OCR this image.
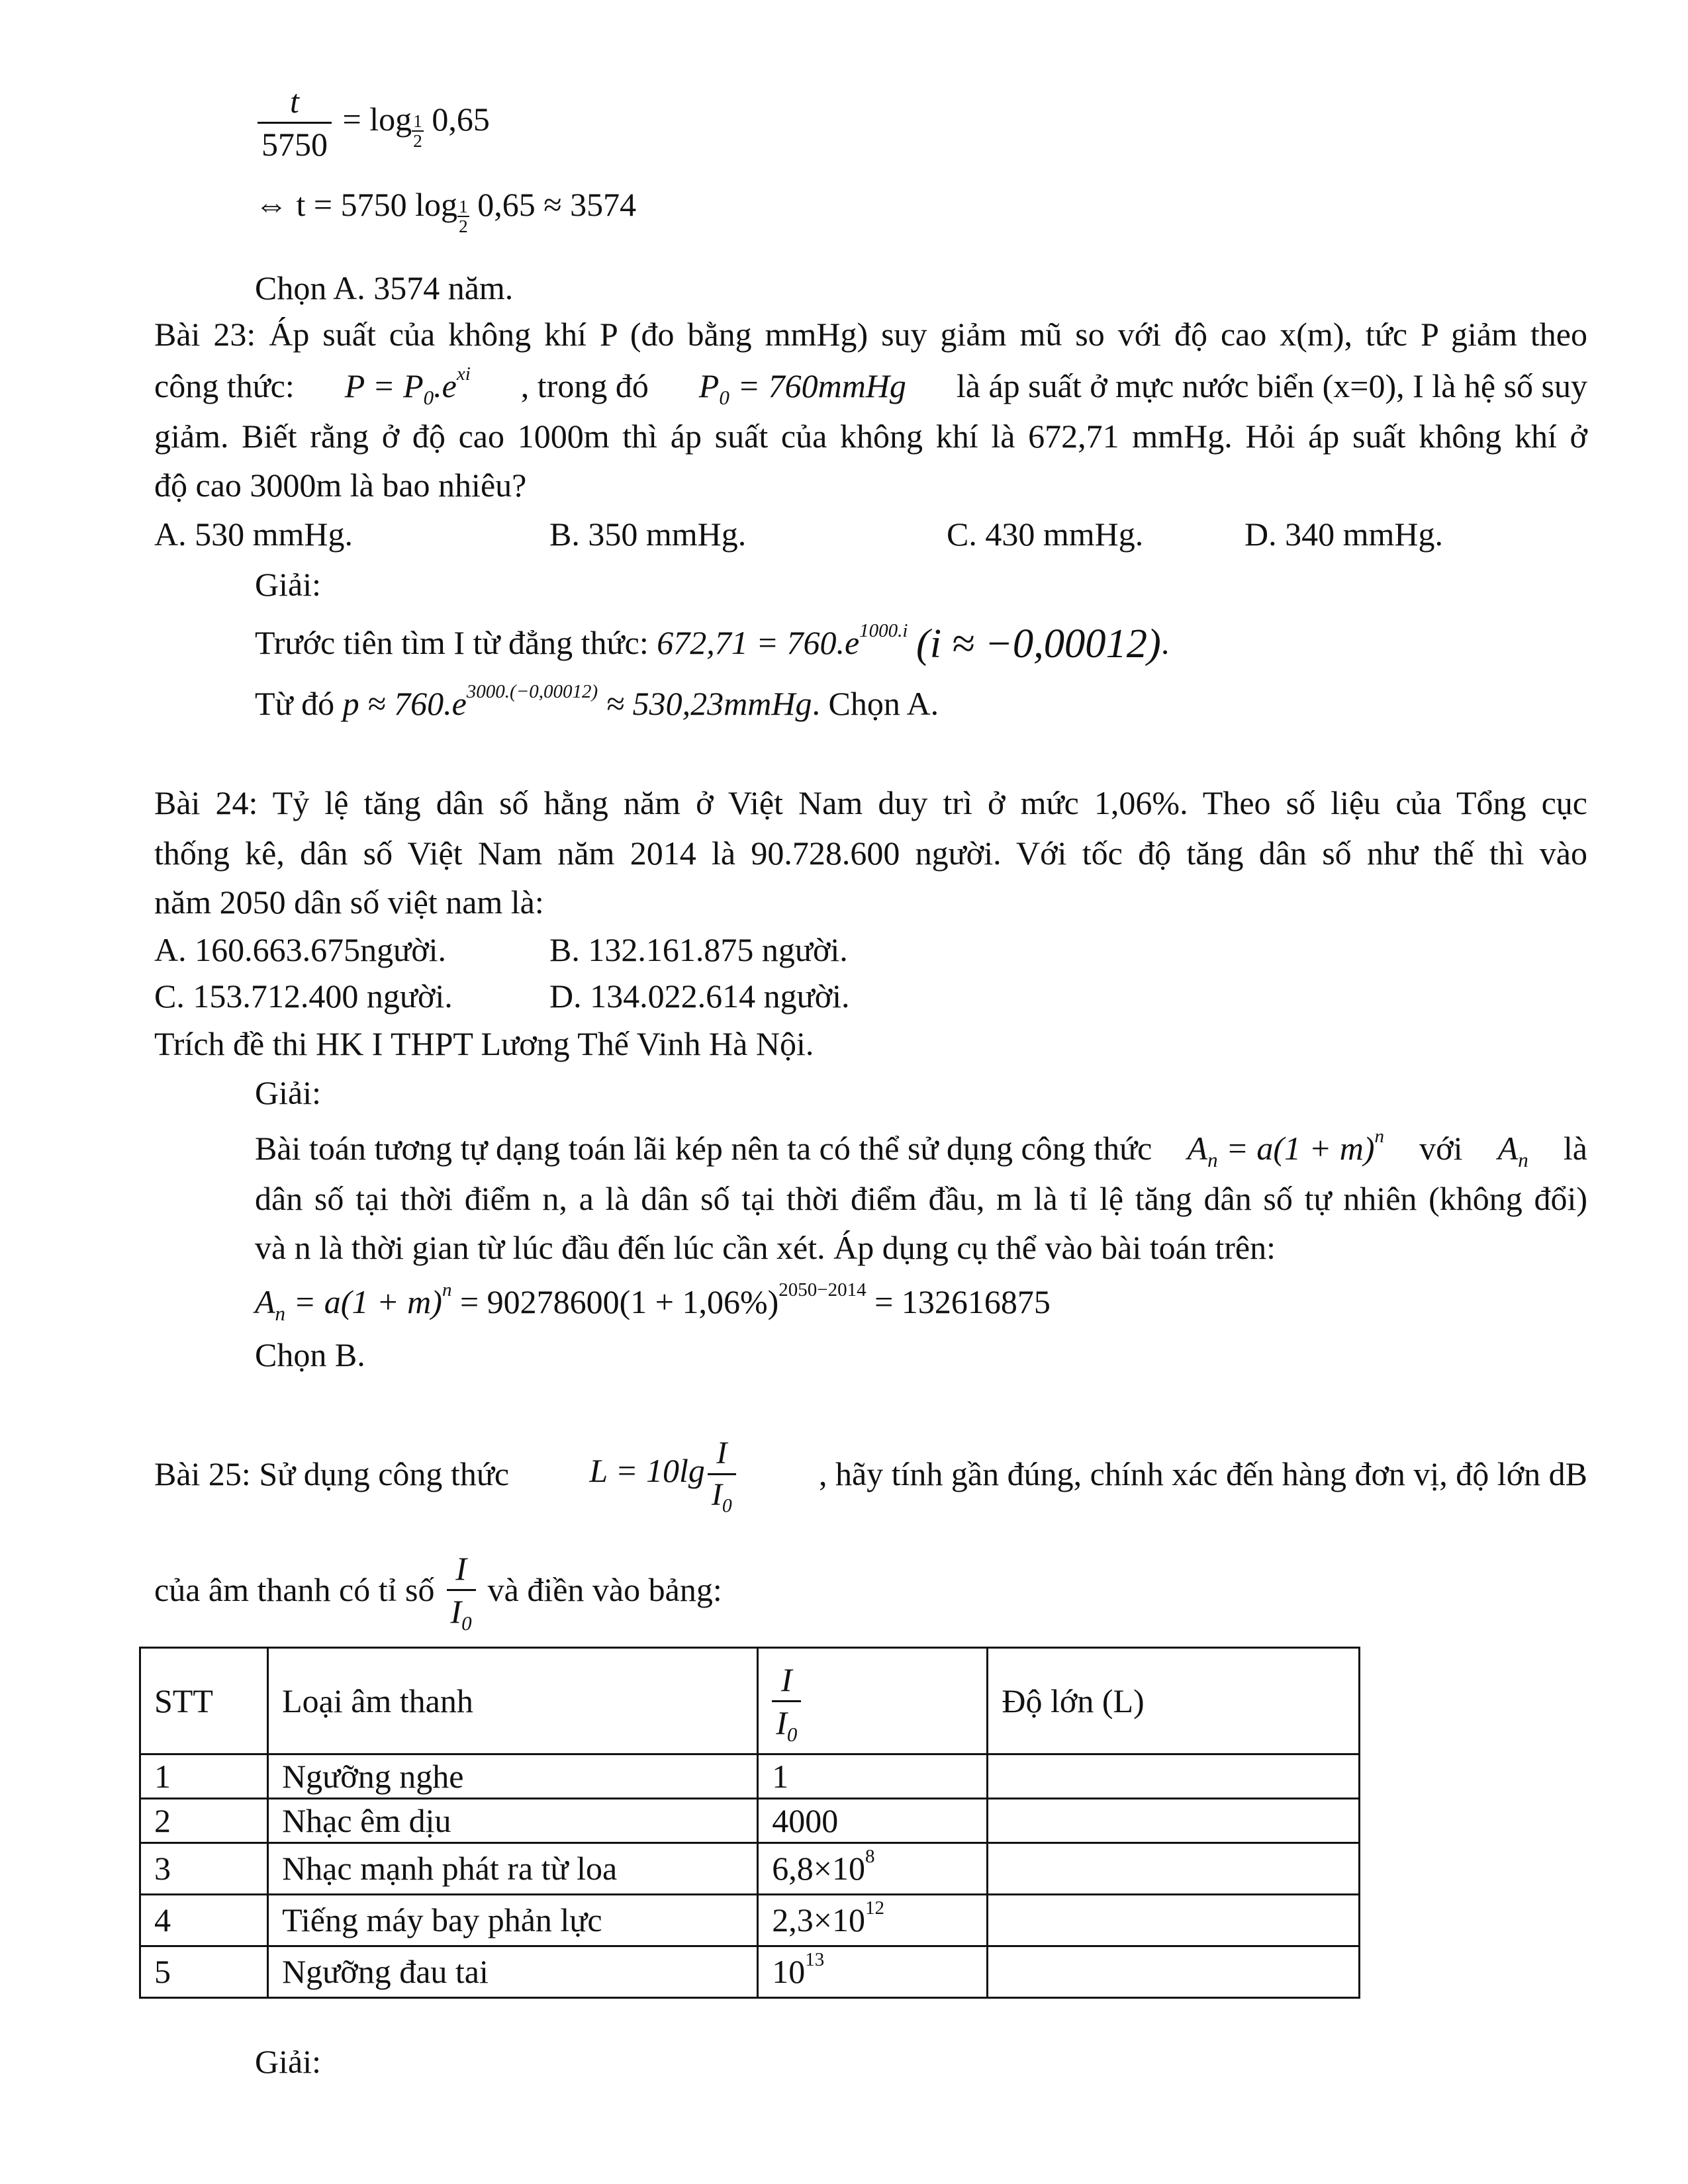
$\frac{t}{5750} = \log \frac{1}{2} 0,65$
⇔ t = 5750 $\log \frac{1}{2} 0,65 \approx 3574$
Chọn A. 3574 năm.
Bài 23: Áp suất của không khí P (đo bằng mmHg) suy giảm mũ so với độ cao x(m), tức P giảm theo
công thức: $P = P_0.e^{xi}$ , trong đó $P_0$ = 760mmHg là áp suất ở mực nước biển (x=0), I là hệ số suy
giảm. Biết rằng ở độ cao 1000m thì áp suất của không khí là 672,71 mmHg. Hỏi áp suất không khí ở
độ cao 3000m là bao nhiêu?
A. 530 mmHg.	B. 350 mmHg.	C. 430 mmHg.	D. 340 mmHg.
Giải:
Trước tiên tìm I từ đẳng thức: $672,71 = 760.e^{1000.i}$ (i ≈ −0,00012).
Từ đó $p \approx 760.e^{3000.(-0,00012)}$ ≈ 530,23mmHg. Chọn A.
Bài 24: Tỷ lệ tăng dân số hằng năm ở Việt Nam duy trì ở mức 1,06%. Theo số liệu của Tổng cục
thống kê, dân số Việt Nam năm 2014 là 90.728.600 người. Với tốc độ tăng dân số như thế thì vào
năm 2050 dân số việt nam là:
A. 160.663.675người.	B. 132.161.875 người.
C. 153.712.400 người.	D. 134.022.614 người.
Trích đề thi HK I THPT Lương Thế Vinh Hà Nội.
Giải:
Bài toán tương tự dạng toán lãi kép nên ta có thể sử dụng công thức $A_n = a(1 + m)^n$ với $A_n$ là
dân số tại thời điểm n, a là dân số tại thời điểm đầu, m là tỉ lệ tăng dân số tự nhiên (không đổi)
và n là thời gian từ lúc đầu đến lúc cần xét. Áp dụng cụ thể vào bài toán trên:
$A_n = a(1 + m)^n = 90278600(1 + 1,06\%)^{2050-2014} = 132616875$
Chọn B.
Bài 25: Sử dụng công thức $L = 10\lg \frac{I}{I_0}$	, hãy tính gần đúng, chính xác đến hàng đơn vị, độ lớn dB
của âm thanh có tỉ số $\frac{I}{I_0}$ và điền vào bảng:
STT	Loại âm thanh	$\frac{I}{I_0}$	Độ lớn (L)
1	Ngưỡng nghe	1	
2	Nhạc êm dịu	4000	
3	Nhạc mạnh phát ra từ loa	$6,8\times 10^8$	
4	Tiếng máy bay phản lực	$2,3\times 10^{12}$	
5	Ngưỡng đau tai	$10^{13}$	
Giải:
